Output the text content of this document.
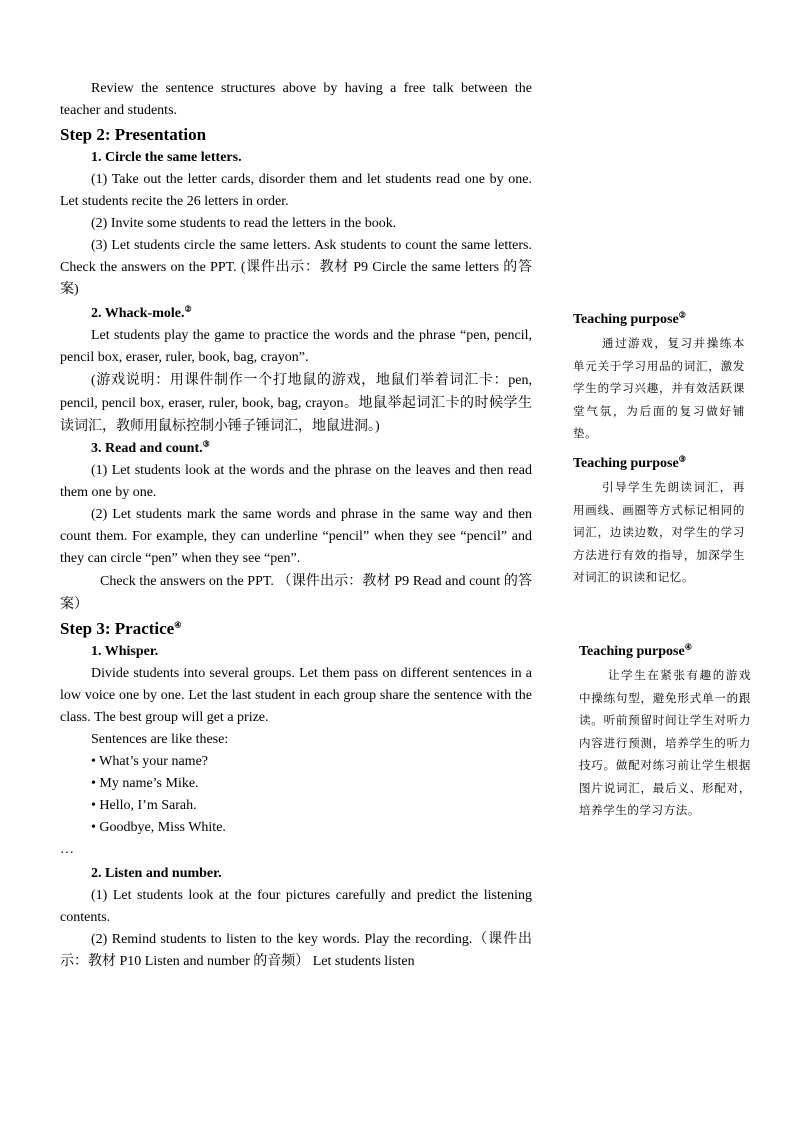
Review the sentence structures above by having a free talk between the teacher and students.

Step 2: Presentation

1. Circle the same letters.

(1) Take out the letter cards, disorder them and let students read one by one. Let students recite the 26 letters in order.

(2) Invite some students to read the letters in the book.

(3) Let students circle the same letters. Ask students to count the same letters. Check the answers on the PPT. (课件出示：教材 P9 Circle the same letters 的答案)

2. Whack-mole.②

Let students play the game to practice the words and the phrase “pen, pencil, pencil box, eraser, ruler, book, bag, crayon”.

(游戏说明：用课件制作一个打地鼠的游戏，地鼠们举着词汇卡：pen, pencil, pencil box, eraser, ruler, book, bag, crayon。地鼠举起词汇卡的时候学生读词汇，教师用鼠标控制小锤子锤词汇，地鼠进洞。)

3. Read and count.③

(1) Let students look at the words and the phrase on the leaves and then read them one by one.

(2) Let students mark the same words and phrase in the same way and then count them. For example, they can underline “pencil” when they see “pencil” and they can circle “pen” when they see “pen”.

Check the answers on the PPT. （课件出示：教材 P9 Read and count 的答案）

Step 3: Practice④

1. Whisper.

Divide students into several groups. Let them pass on different sentences in a low voice one by one. Let the last student in each group share the sentence with the class. The best group will get a prize.

Sentences are like these:

• What’s your name?

• My name’s Mike.

• Hello, I’m Sarah.

• Goodbye, Miss White.

…

2. Listen and number.

(1) Let students look at the four pictures carefully and predict the listening contents.

(2) Remind students to listen to the key words. Play the recording.（课件出示：教材 P10 Listen and number 的音频） Let students listen

Teaching purpose②
通过游戏，复习并操练本单元关于学习用品的词汇，激发学生的学习兴趣，并有效活跃课堂气氛，为后面的复习做好铺垫。
Teaching purpose③
引导学生先朗读词汇，再用画线、画圈等方式标记相同的词汇，边读边数，对学生的学习方法进行有效的指导，加深学生对词汇的识读和记忆。
Teaching purpose④
让学生在紧张有趣的游戏中操练句型，避免形式单一的跟读。听前预留时间让学生对听力内容进行预测，培养学生的听力技巧。做配对练习前让学生根据图片说词汇，最后义、形配对，培养学生的学习方法。
